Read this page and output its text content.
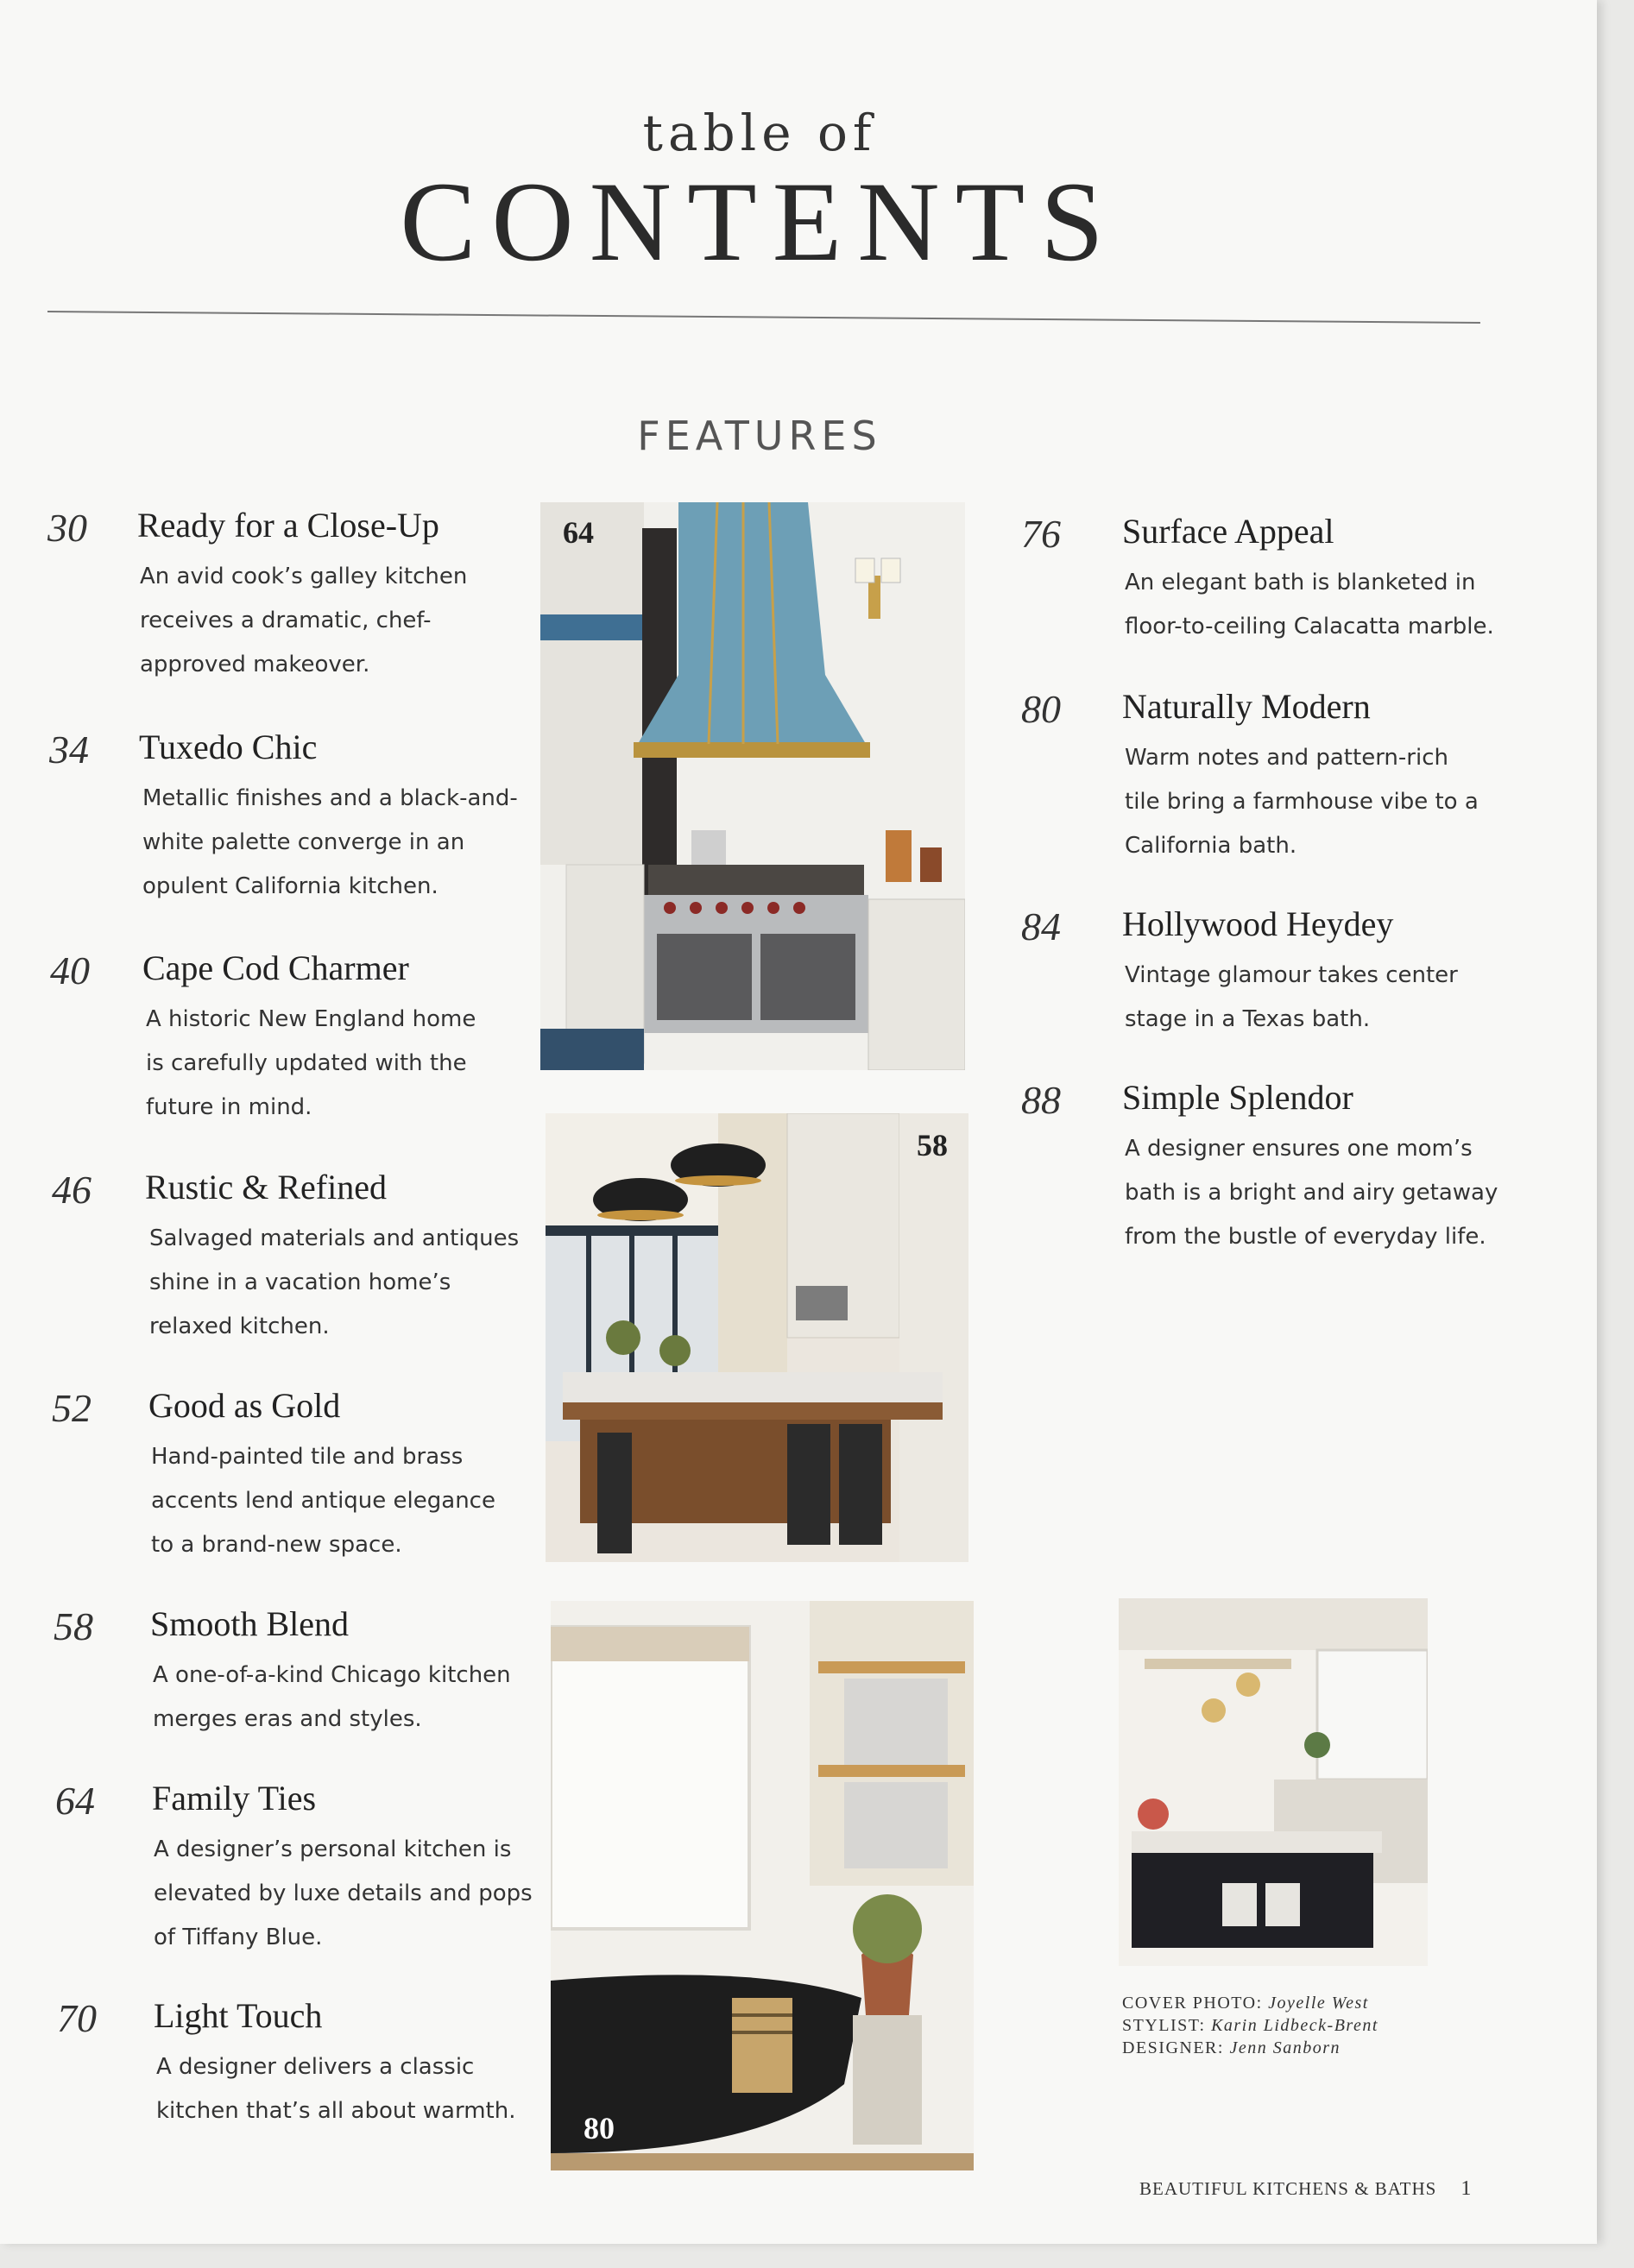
table of
CONTENTS
FEATURES
30 Ready for a Close-Up
An avid cook’s galley kitchen receives a dramatic, chef-approved makeover.
34 Tuxedo Chic
Metallic finishes and a black-and-white palette converge in an opulent California kitchen.
40 Cape Cod Charmer
A historic New England home is carefully updated with the future in mind.
46 Rustic & Refined
Salvaged materials and antiques shine in a vacation home’s relaxed kitchen.
52 Good as Gold
Hand-painted tile and brass accents lend antique elegance to a brand-new space.
58 Smooth Blend
A one-of-a-kind Chicago kitchen merges eras and styles.
64 Family Ties
A designer’s personal kitchen is elevated by luxe details and pops of Tiffany Blue.
70 Light Touch
A designer delivers a classic kitchen that’s all about warmth.
76 Surface Appeal
An elegant bath is blanketed in floor-to-ceiling Calacatta marble.
80 Naturally Modern
Warm notes and pattern-rich tile bring a farmhouse vibe to a California bath.
84 Hollywood Heydey
Vintage glamour takes center stage in a Texas bath.
88 Simple Splendor
A designer ensures one mom’s bath is a bright and airy getaway from the bustle of everyday life.
64
58
80
COVER PHOTO: Joyelle West
STYLIST: Karin Lidbeck-Brent
DESIGNER: Jenn Sanborn
BEAUTIFUL KITCHENS & BATHS 1
